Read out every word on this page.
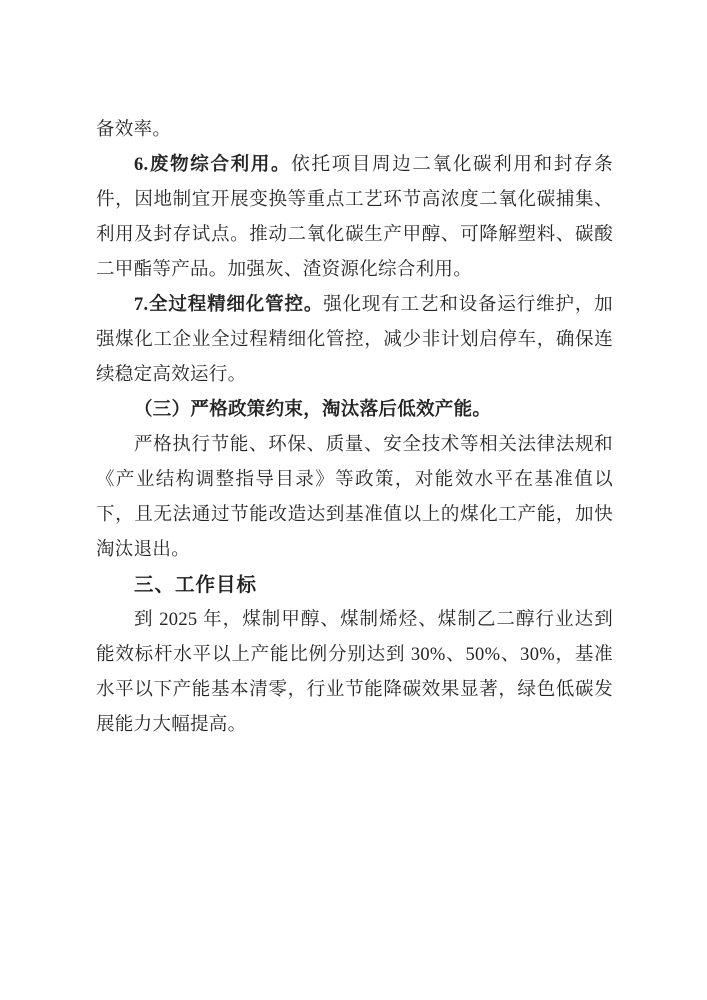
备效率。

6.废物综合利用。依托项目周边二氧化碳利用和封存条件，因地制宜开展变换等重点工艺环节高浓度二氧化碳捕集、利用及封存试点。推动二氧化碳生产甲醇、可降解塑料、碳酸二甲酯等产品。加强灰、渣资源化综合利用。

7.全过程精细化管控。强化现有工艺和设备运行维护，加强煤化工企业全过程精细化管控，减少非计划启停车，确保连续稳定高效运行。

（三）严格政策约束，淘汰落后低效产能。

严格执行节能、环保、质量、安全技术等相关法律法规和《产业结构调整指导目录》等政策，对能效水平在基准值以下，且无法通过节能改造达到基准值以上的煤化工产能，加快淘汰退出。

三、工作目标

到 2025 年，煤制甲醇、煤制烯烃、煤制乙二醇行业达到能效标杆水平以上产能比例分别达到 30%、50%、30%，基准水平以下产能基本清零，行业节能降碳效果显著，绿色低碳发展能力大幅提高。
